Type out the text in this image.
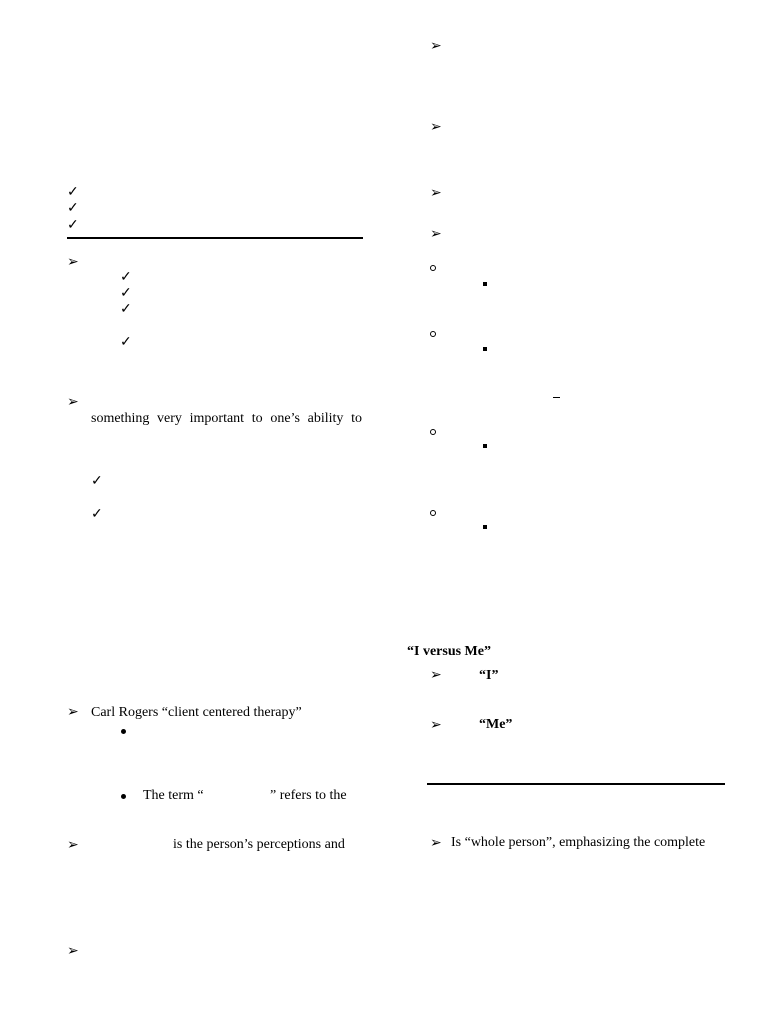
✓
✓
✓
➢
✓
✓
✓
✓
➢
something very important to one’s ability to
✓
✓
➢ Carl Rogers “client centered therapy”
The term “	” refers to the
➢	is the person’s perceptions and
➢
➢
➢
➢
➢
“I versus Me”
➢	“I”
➢	“Me”
➢ Is “whole person”, emphasizing the complete
